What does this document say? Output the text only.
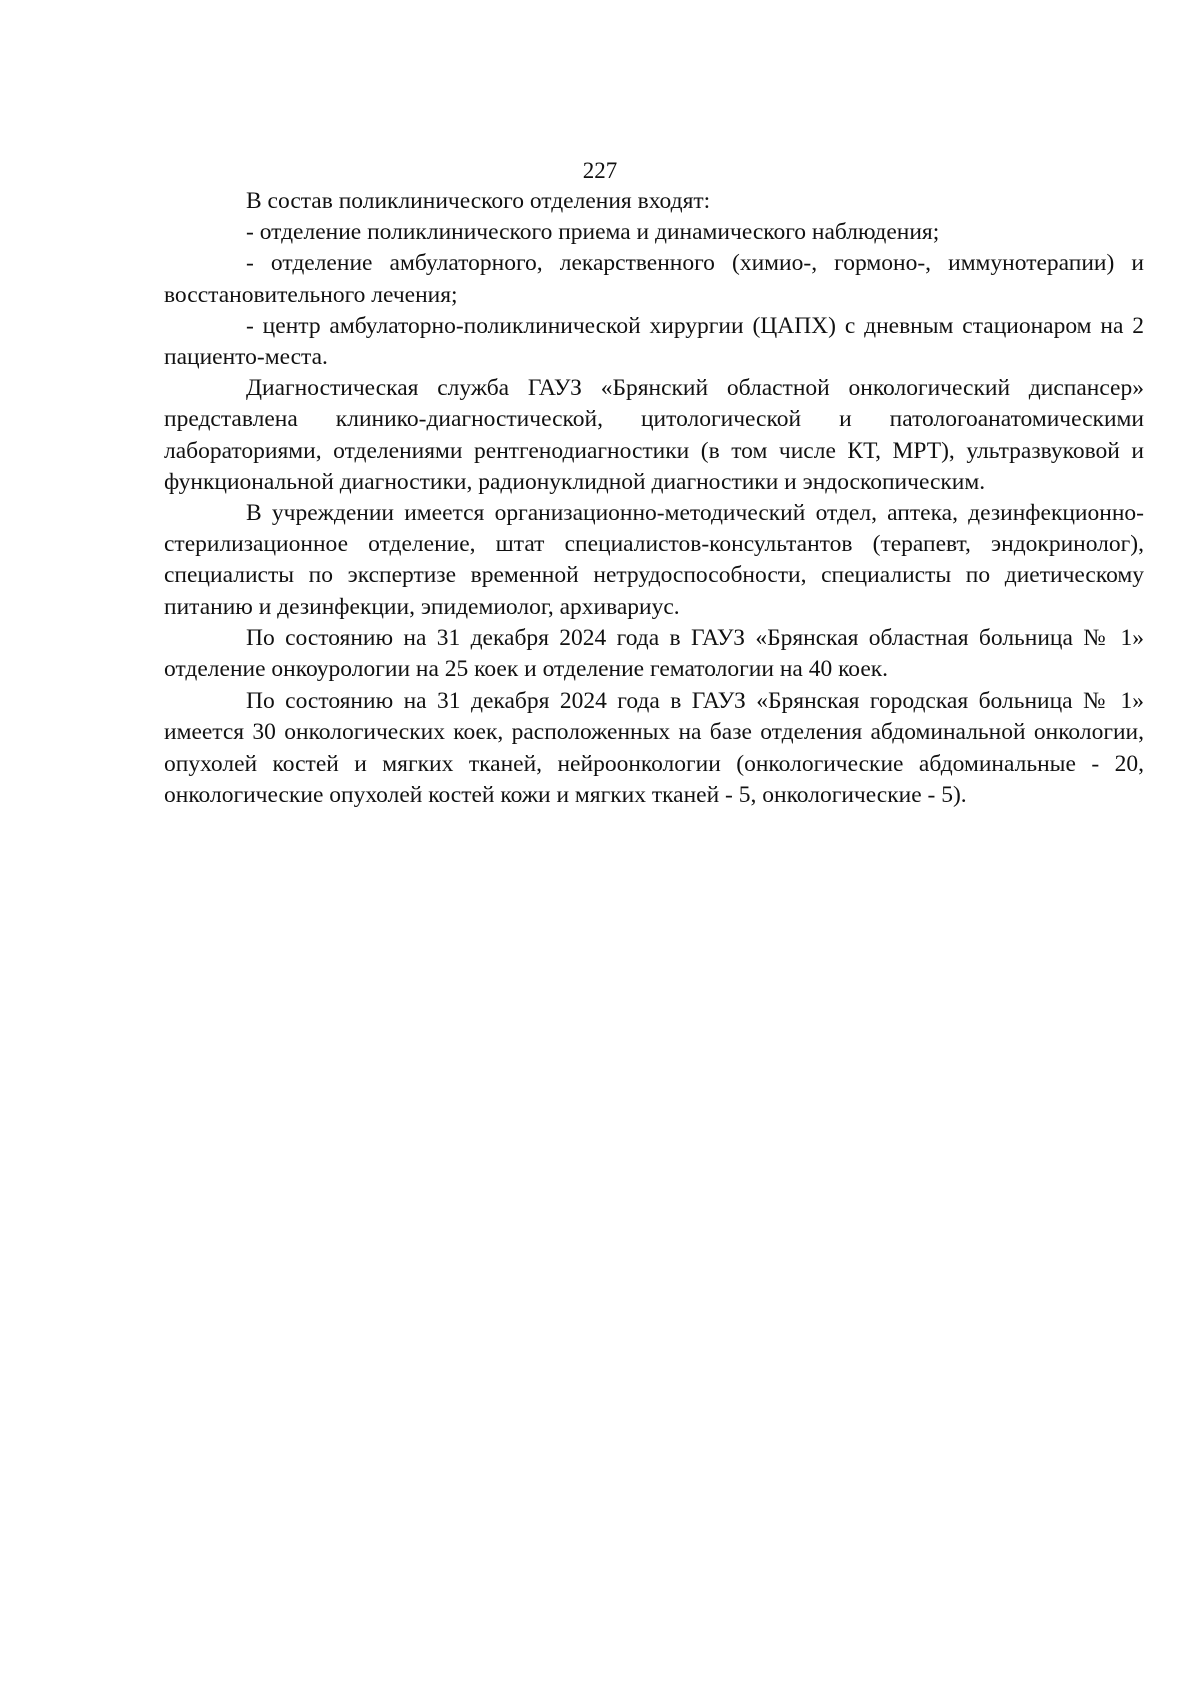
227

В состав поликлинического отделения входят:

- отделение поликлинического приема и динамического наблюдения;

- отделение амбулаторного, лекарственного (химио-, гормоно-, иммунотерапии) и восстановительного лечения;

- центр амбулаторно-поликлинической хирургии (ЦАПХ) с дневным стационаром на 2 пациенто-места.

Диагностическая служба ГАУЗ «Брянский областной онкологический диспансер» представлена клинико-диагностической, цитологической и патологоанатомическими лабораториями, отделениями рентгенодиагностики (в том числе КТ, МРТ), ультразвуковой и функциональной диагностики, радионуклидной диагностики и эндоскопическим.

В учреждении имеется организационно-методический отдел, аптека, дезинфекционно-стерилизационное отделение, штат специалистов-консультантов (терапевт, эндокринолог), специалисты по экспертизе временной нетрудоспособности, специалисты по диетическому питанию и дезинфекции, эпидемиолог, архивариус.

По состоянию на 31 декабря 2024 года в ГАУЗ «Брянская областная больница № 1» отделение онкоурологии на 25 коек и отделение гематологии на 40 коек.

По состоянию на 31 декабря 2024 года в ГАУЗ «Брянская городская больница № 1» имеется 30 онкологических коек, расположенных на базе отделения абдоминальной онкологии, опухолей костей и мягких тканей, нейроонкологии (онкологические абдоминальные - 20, онкологические опухолей костей кожи и мягких тканей - 5, онкологические - 5).
